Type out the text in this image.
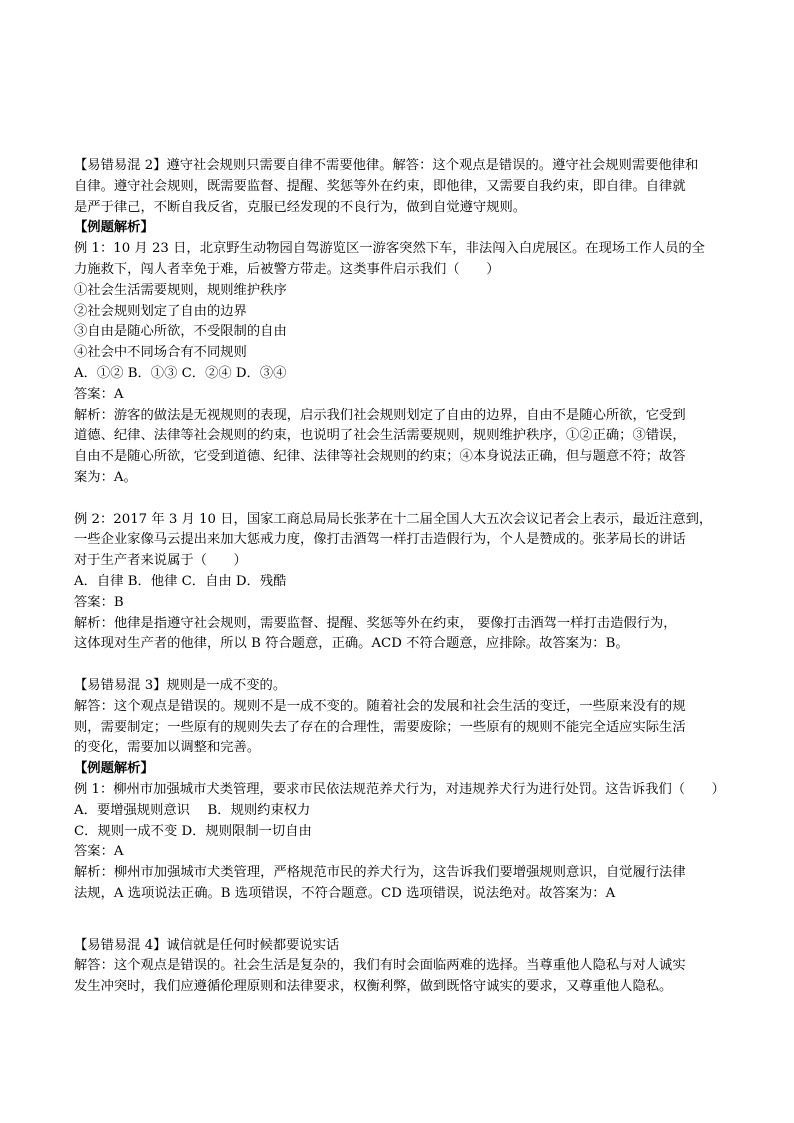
【易错易混 2】遵守社会规则只需要自律不需要他律。解答：这个观点是错误的。遵守社会规则需要他律和
自律。遵守社会规则，既需要监督、提醒、奖惩等外在约束，即他律，又需要自我约束，即自律。自律就
是严于律己，不断自我反省，克服已经发现的不良行为，做到自觉遵守规则。
【例题解析】
例 1：10 月 23 日，北京野生动物园自驾游览区一游客突然下车，非法闯入白虎展区。在现场工作人员的全
力施救下，闯人者幸免于难，后被警方带走。这类事件启示我们（　　）
①社会生活需要规则，规则维护秩序
②社会规则划定了自由的边界
③自由是随心所欲，不受限制的自由
④社会中不同场合有不同规则
A．①② B．①③ C．②④ D．③④
答案：A
解析：游客的做法是无视规则的表现，启示我们社会规则划定了自由的边界，自由不是随心所欲，它受到
道德、纪律、法律等社会规则的约束，也说明了社会生活需要规则，规则维护秩序，①②正确；③错误，
自由不是随心所欲，它受到道德、纪律、法律等社会规则的约束；④本身说法正确，但与题意不符；故答
案为：A。
例 2：2017 年 3 月 10 日，国家工商总局局长张茅在十二届全国人大五次会议记者会上表示，最近注意到，
一些企业家像马云提出来加大惩戒力度，像打击酒驾一样打击造假行为，个人是赞成的。张茅局长的讲话
对于生产者来说属于（　　）
A．自律 B．他律 C．自由 D．残酷
答案：B
解析：他律是指遵守社会规则，需要监督、提醒、奖惩等外在约束， 要像打击酒驾一样打击造假行为，
这体现对生产者的他律，所以 B 符合题意，正确。ACD 不符合题意，应排除。故答案为：B。
【易错易混 3】规则是一成不变的。
解答：这个观点是错误的。规则不是一成不变的。随着社会的发展和社会生活的变迁，一些原来没有的规
则，需要制定；一些原有的规则失去了存在的合理性，需要废除；一些原有的规则不能完全适应实际生活
的变化，需要加以调整和完善。
【例题解析】
例 1：柳州市加强城市犬类管理，要求市民依法规范养犬行为，对违规养犬行为进行处罚。这告诉我们（　　）
A．要增强规则意识　 B．规则约束权力
C．规则一成不变 D．规则限制一切自由
答案：A
解析：柳州市加强城市犬类管理，严格规范市民的养犬行为，这告诉我们要增强规则意识，自觉履行法律
法规，A 选项说法正确。B 选项错误，不符合题意。CD 选项错误，说法绝对。故答案为：A
【易错易混 4】诚信就是任何时候都要说实话
解答：这个观点是错误的。社会生活是复杂的，我们有时会面临两难的选择。当尊重他人隐私与对人诚实
发生冲突时，我们应遵循伦理原则和法律要求，权衡利弊，做到既恪守诚实的要求，又尊重他人隐私。
